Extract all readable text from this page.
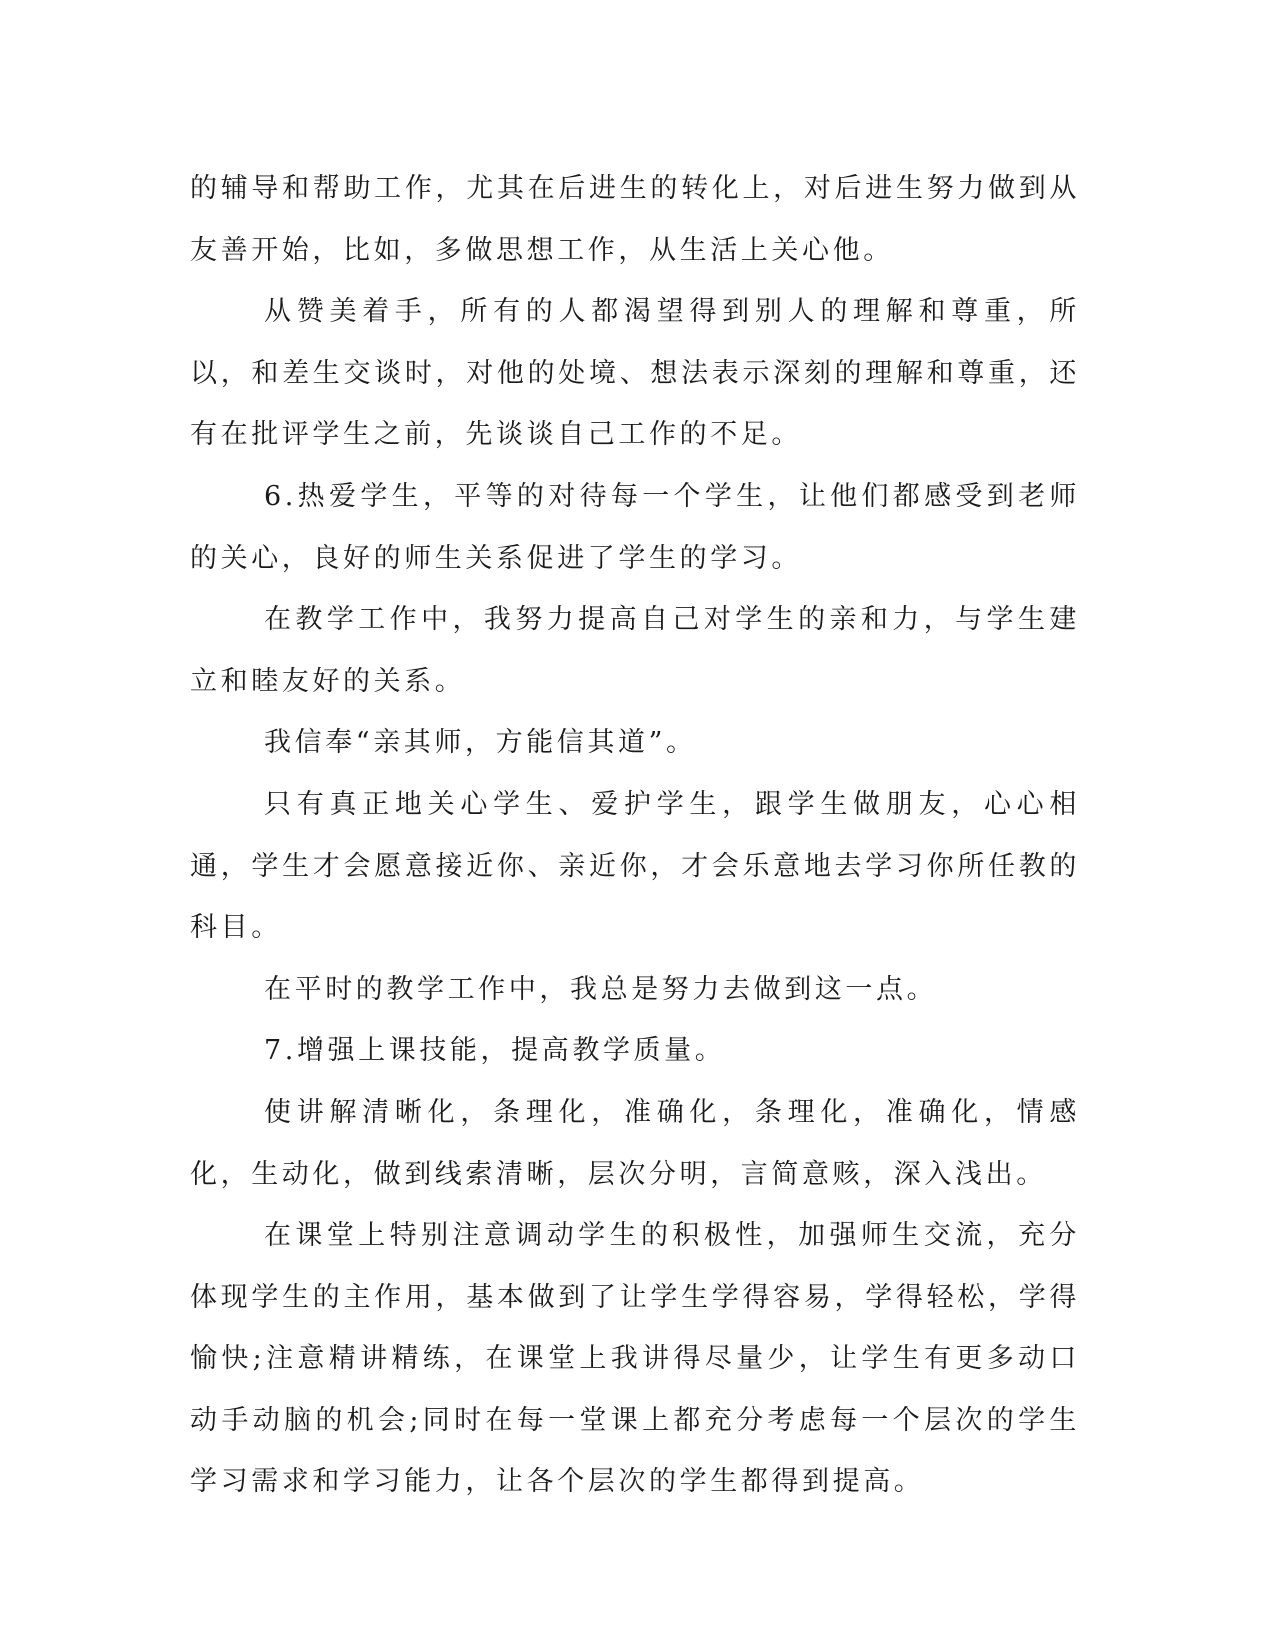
的辅导和帮助工作，尤其在后进生的转化上，对后进生努力做到从友善开始，比如，多做思想工作，从生活上关心他。

从赞美着手，所有的人都渴望得到别人的理解和尊重，所以，和差生交谈时，对他的处境、想法表示深刻的理解和尊重，还有在批评学生之前，先谈谈自己工作的不足。

6.热爱学生，平等的对待每一个学生，让他们都感受到老师的关心，良好的师生关系促进了学生的学习。

在教学工作中，我努力提高自己对学生的亲和力，与学生建立和睦友好的关系。

我信奉“亲其师，方能信其道”。

只有真正地关心学生、爱护学生，跟学生做朋友，心心相通，学生才会愿意接近你、亲近你，才会乐意地去学习你所任教的科目。

在平时的教学工作中，我总是努力去做到这一点。

7.增强上课技能，提高教学质量。

使讲解清晰化，条理化，准确化，条理化，准确化，情感化，生动化，做到线索清晰，层次分明，言简意赅，深入浅出。

在课堂上特别注意调动学生的积极性，加强师生交流，充分体现学生的主作用，基本做到了让学生学得容易，学得轻松，学得愉快;注意精讲精练，在课堂上我讲得尽量少，让学生有更多动口动手动脑的机会;同时在每一堂课上都充分考虑每一个层次的学生学习需求和学习能力，让各个层次的学生都得到提高。
